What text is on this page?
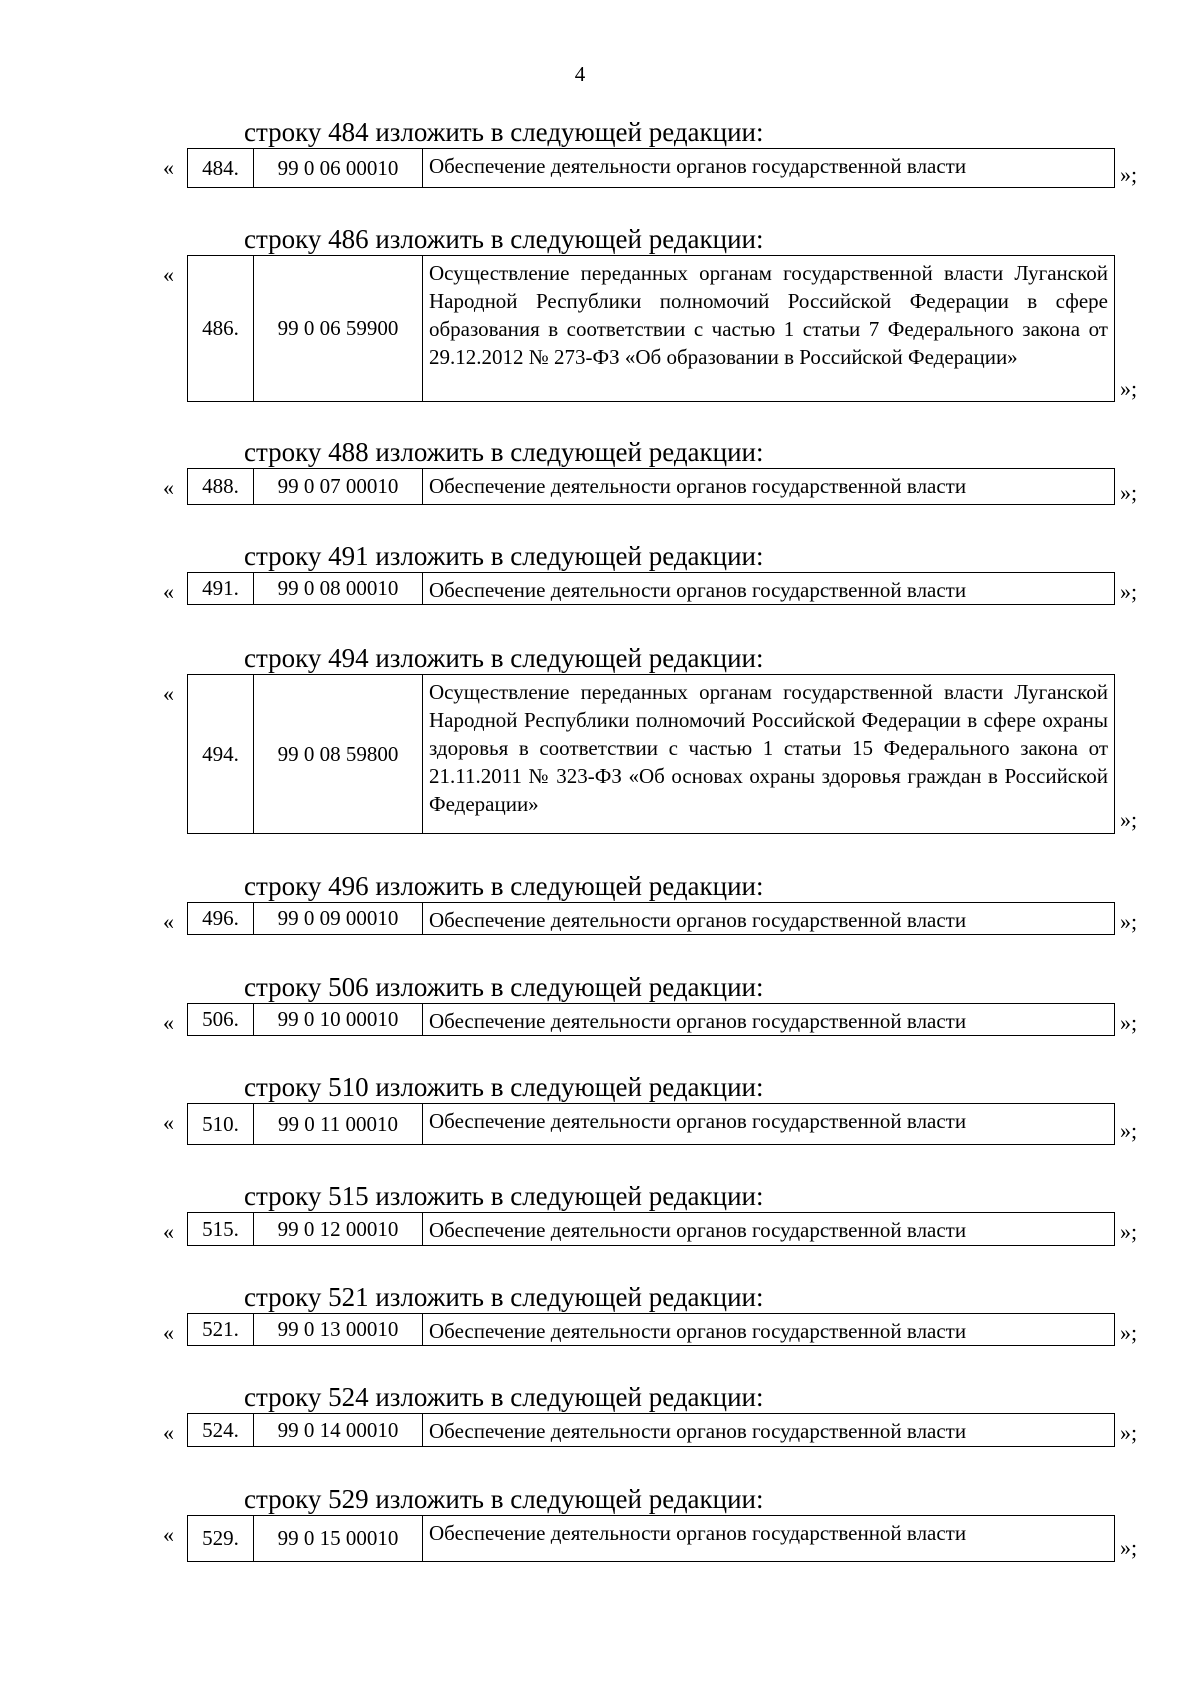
4
строку 484 изложить в следующей редакции:
« 484.	99 0 06 00010	Обеспечение деятельности органов государственной власти	»;
строку 486 изложить в следующей редакции:
«
486.	99 0 06 59900	Осуществление переданных органам государственной власти Луганской Народной Республики полномочий Российской Федерации в сфере образования в соответствии с частью 1 статьи 7 Федерального закона от 29.12.2012 № 273-ФЗ «Об образовании в Российской Федерации»
»;
строку 488 изложить в следующей редакции:
« 488.	99 0 07 00010	Обеспечение деятельности органов государственной власти	»;
строку 491 изложить в следующей редакции:
« 491.	99 0 08 00010	Обеспечение деятельности органов государственной власти	»;
строку 494 изложить в следующей редакции:
«
494.	99 0 08 59800	Осуществление переданных органам государственной власти Луганской Народной Республики полномочий Российской Федерации в сфере охраны здоровья в соответствии с частью 1 статьи 15 Федерального закона от 21.11.2011 № 323-ФЗ «Об основах охраны здоровья граждан в Российской Федерации»
»;
строку 496 изложить в следующей редакции:
« 496.	99 0 09 00010	Обеспечение деятельности органов государственной власти	»;
строку 506 изложить в следующей редакции:
« 506.	99 0 10 00010	Обеспечение деятельности органов государственной власти	»;
строку 510 изложить в следующей редакции:
« 510.	99 0 11 00010	Обеспечение деятельности органов государственной власти	»;
строку 515 изложить в следующей редакции:
« 515.	99 0 12 00010	Обеспечение деятельности органов государственной власти	»;
строку 521 изложить в следующей редакции:
« 521.	99 0 13 00010	Обеспечение деятельности органов государственной власти	»;
строку 524 изложить в следующей редакции:
« 524.	99 0 14 00010	Обеспечение деятельности органов государственной власти	»;
строку 529 изложить в следующей редакции:
« 529.	99 0 15 00010	Обеспечение деятельности органов государственной власти
»;
